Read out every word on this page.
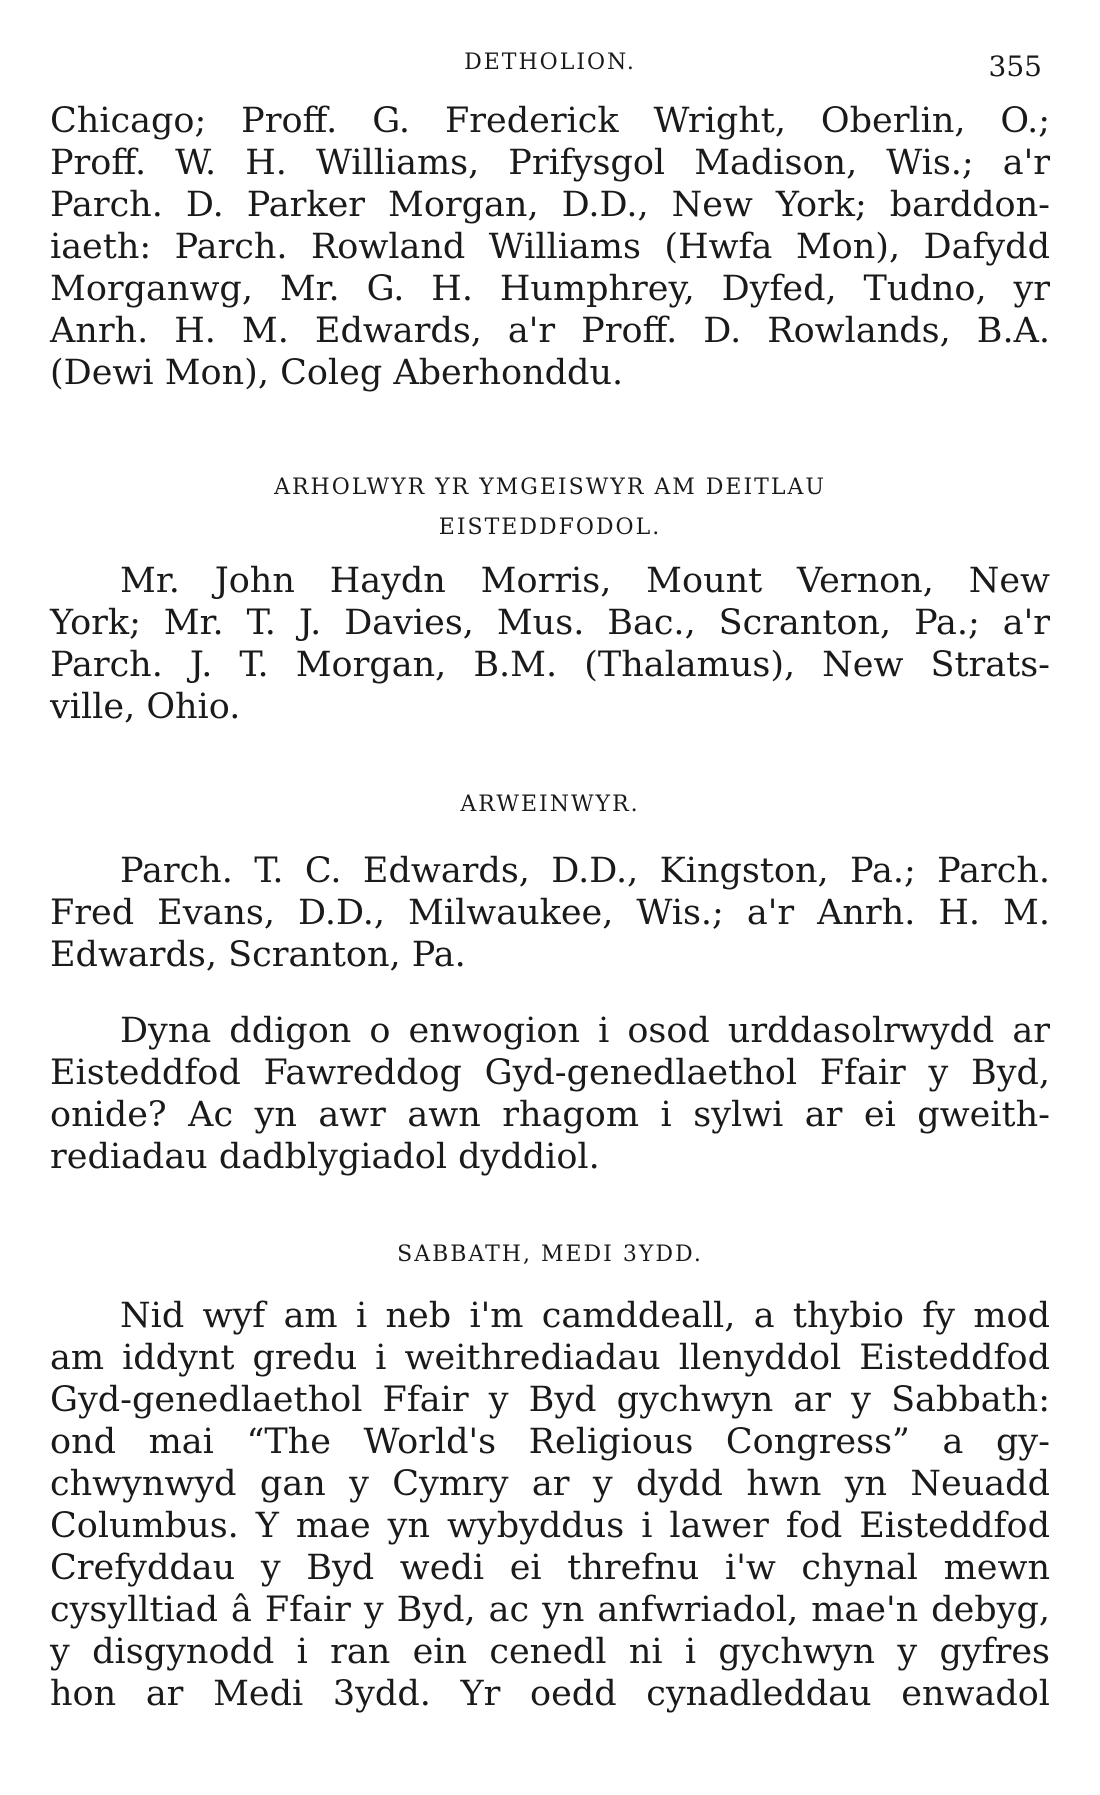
DETHOLION.	355
Chicago; Proff. G. Frederick Wright, Oberlin, O.;
Proff. W. H. Williams, Prifysgol Madison, Wis.; a'r
Parch. D. Parker Morgan, D.D., New York; barddon-
iaeth: Parch. Rowland Williams (Hwfa Mon), Dafydd
Morganwg, Mr. G. H. Humphrey, Dyfed, Tudno, yr
Anrh. H. M. Edwards, a'r Proff. D. Rowlands, B.A.
(Dewi Mon), Coleg Aberhonddu.
ARHOLWYR YR YMGEISWYR AM DEITLAU
EISTEDDFODOL.
Mr. John Haydn Morris, Mount Vernon, New
York; Mr. T. J. Davies, Mus. Bac., Scranton, Pa.; a'r
Parch. J. T. Morgan, B.M. (Thalamus), New Strats-
ville, Ohio.
ARWEINWYR.
Parch. T. C. Edwards, D.D., Kingston, Pa.; Parch.
Fred Evans, D.D., Milwaukee, Wis.; a'r Anrh. H. M.
Edwards, Scranton, Pa.
Dyna ddigon o enwogion i osod urddasolrwydd ar
Eisteddfod Fawreddog Gyd-genedlaethol Ffair y Byd,
onide? Ac yn awr awn rhagom i sylwi ar ei gweith-
rediadau dadblygiadol dyddiol.
SABBATH, MEDI 3YDD.
Nid wyf am i neb i'm camddeall, a thybio fy mod
am iddynt gredu i weithrediadau llenyddol Eisteddfod
Gyd-genedlaethol Ffair y Byd gychwyn ar y Sabbath:
ond mai “The World's Religious Congress” a gy-
chwynwyd gan y Cymry ar y dydd hwn yn Neuadd
Columbus. Y mae yn wybyddus i lawer fod Eisteddfod
Crefyddau y Byd wedi ei threfnu i'w chynal mewn
cysylltiad â Ffair y Byd, ac yn anfwriadol, mae'n debyg,
y disgynodd i ran ein cenedl ni i gychwyn y gyfres
hon ar Medi 3ydd. Yr oedd cynadleddau enwadol
